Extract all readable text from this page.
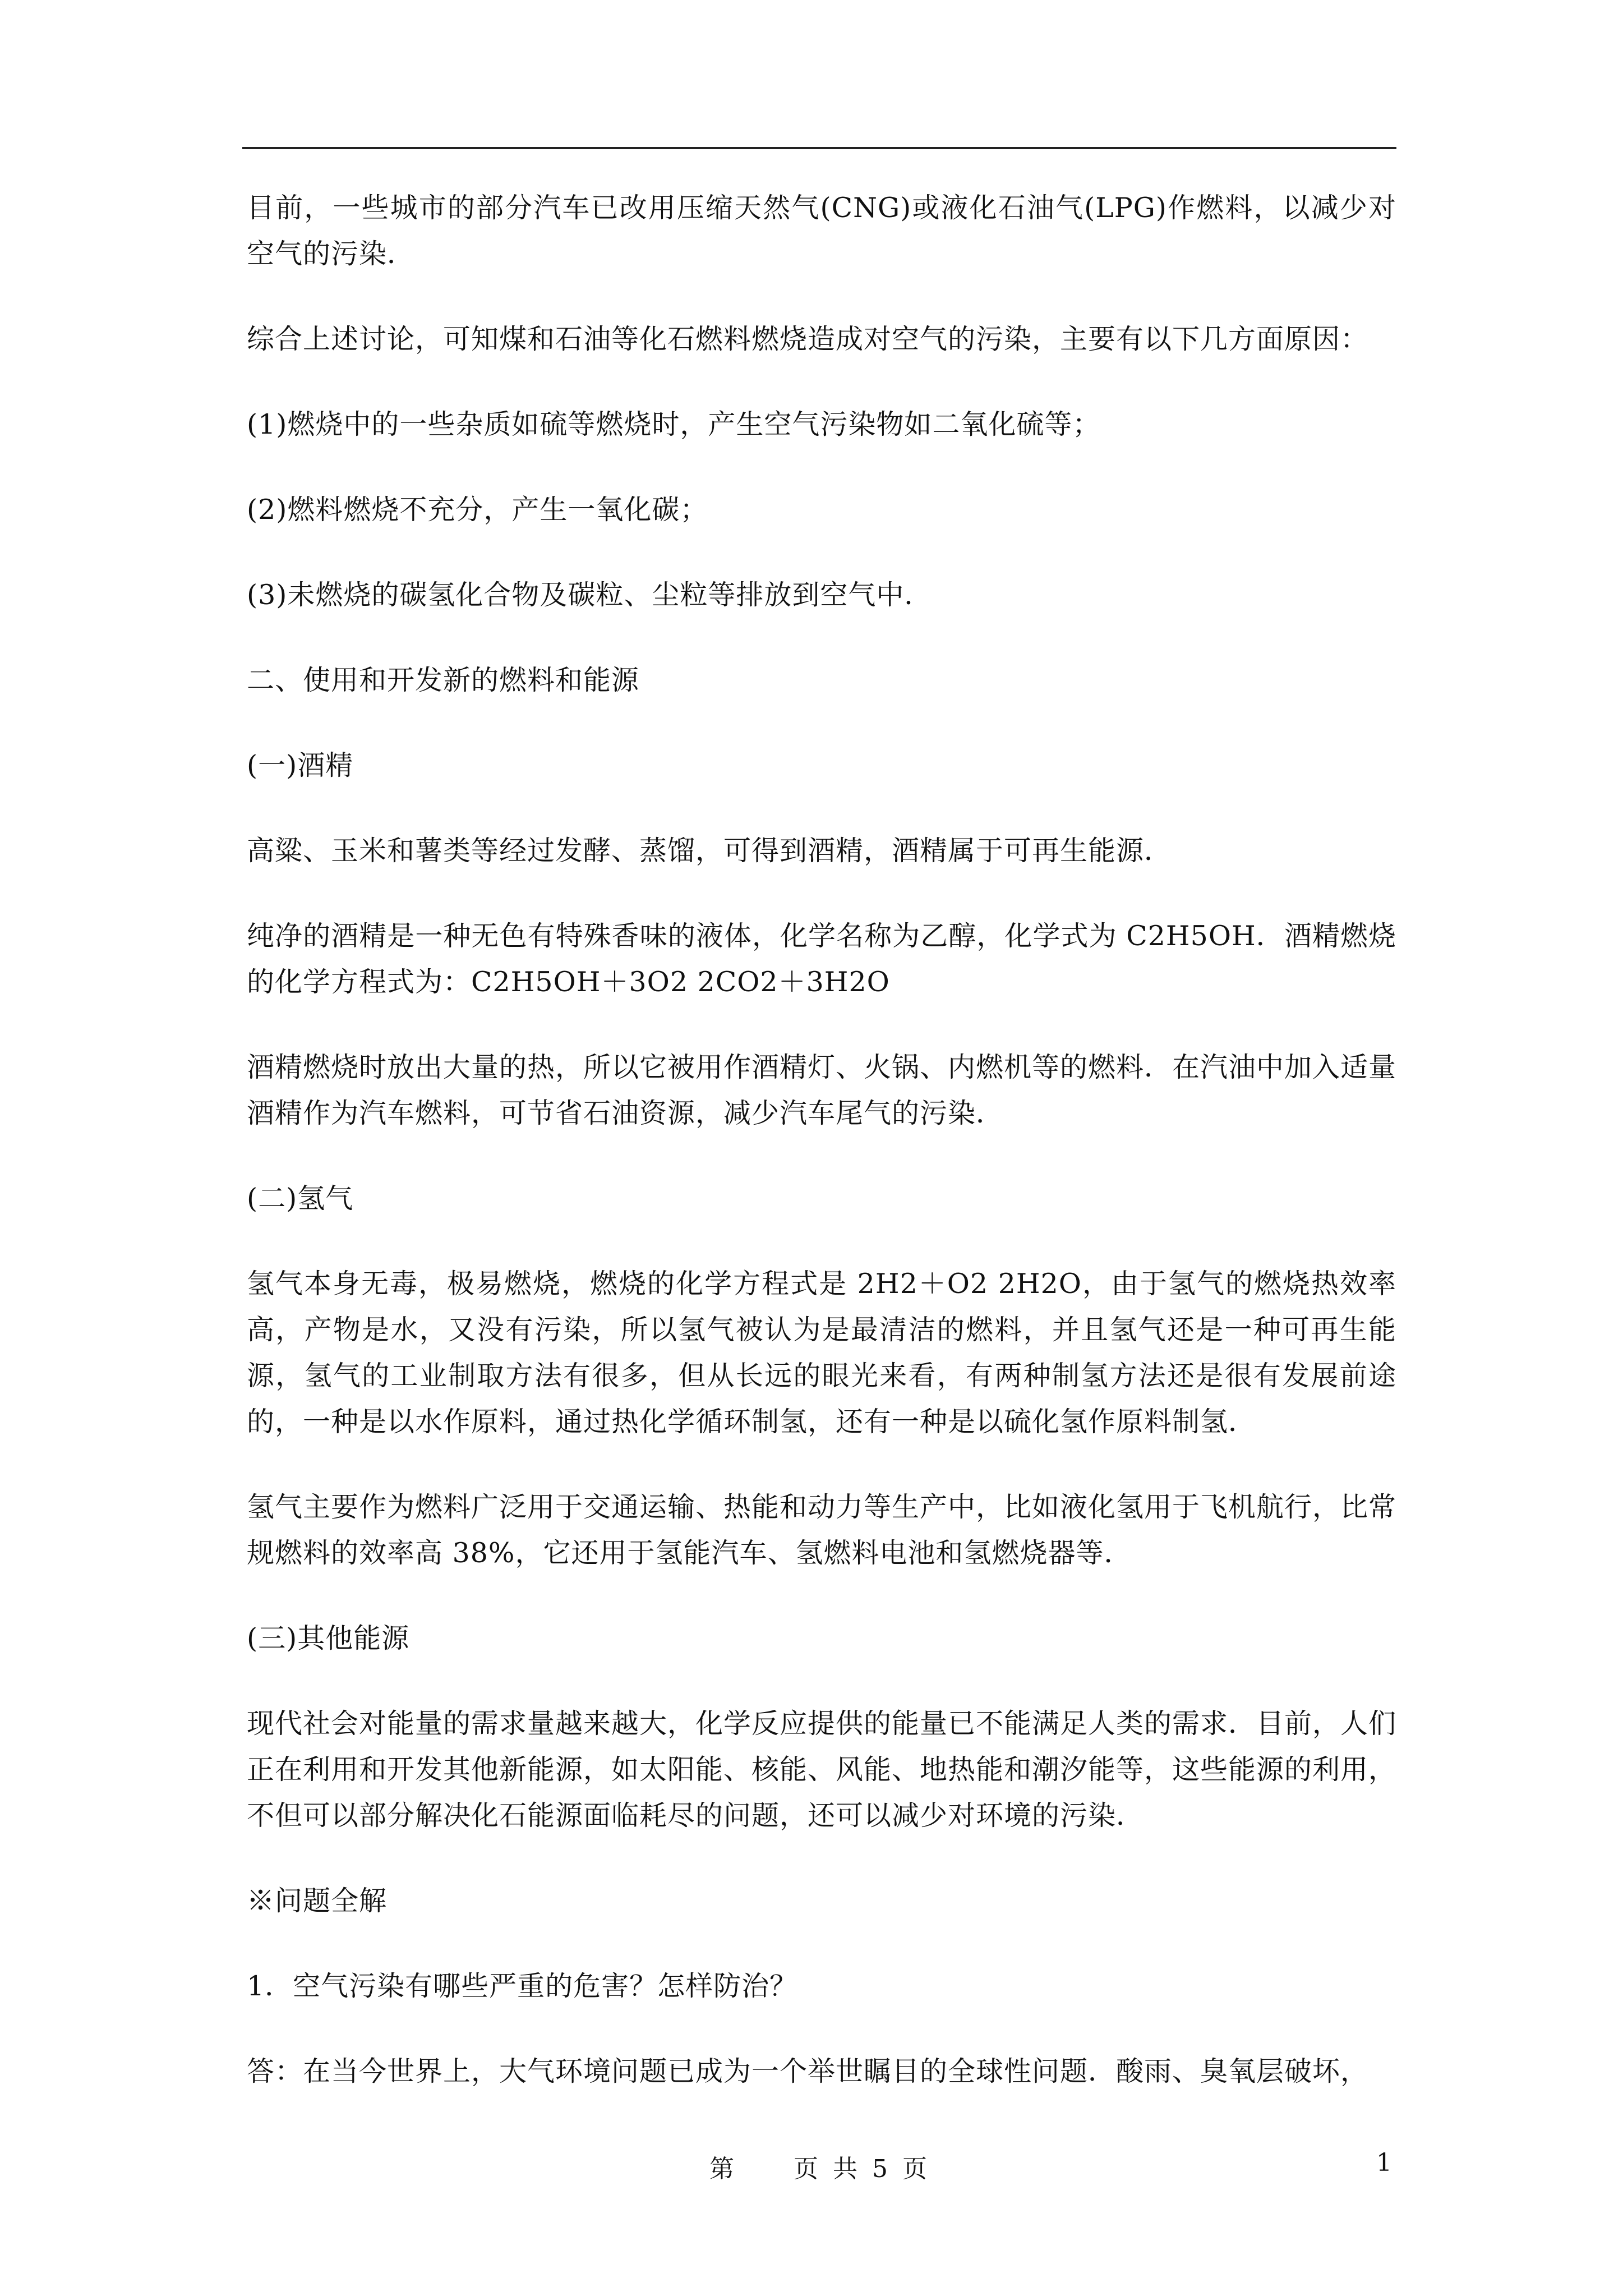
目前，一些城市的部分汽车已改用压缩天然气(CNG)或液化石油气(LPG)作燃料，以减少对空气的污染．

综合上述讨论，可知煤和石油等化石燃料燃烧造成对空气的污染，主要有以下几方面原因：

(1)燃烧中的一些杂质如硫等燃烧时，产生空气污染物如二氧化硫等；

(2)燃料燃烧不充分，产生一氧化碳；

(3)未燃烧的碳氢化合物及碳粒、尘粒等排放到空气中．

二、使用和开发新的燃料和能源

(一)酒精

高粱、玉米和薯类等经过发酵、蒸馏，可得到酒精，酒精属于可再生能源．

纯净的酒精是一种无色有特殊香味的液体，化学名称为乙醇，化学式为 C2H5OH．酒精燃烧的化学方程式为：C2H5OH＋3O2 2CO2＋3H2O

酒精燃烧时放出大量的热，所以它被用作酒精灯、火锅、内燃机等的燃料．在汽油中加入适量酒精作为汽车燃料，可节省石油资源，减少汽车尾气的污染．

(二)氢气

氢气本身无毒，极易燃烧，燃烧的化学方程式是 2H2＋O2 2H2O，由于氢气的燃烧热效率高，产物是水，又没有污染，所以氢气被认为是最清洁的燃料，并且氢气还是一种可再生能源，氢气的工业制取方法有很多，但从长远的眼光来看，有两种制氢方法还是很有发展前途的，一种是以水作原料，通过热化学循环制氢，还有一种是以硫化氢作原料制氢．

氢气主要作为燃料广泛用于交通运输、热能和动力等生产中，比如液化氢用于飞机航行，比常规燃料的效率高 38%，它还用于氢能汽车、氢燃料电池和氢燃烧器等．

(三)其他能源

现代社会对能量的需求量越来越大，化学反应提供的能量已不能满足人类的需求．目前，人们正在利用和开发其他新能源，如太阳能、核能、风能、地热能和潮汐能等，这些能源的利用，不但可以部分解决化石能源面临耗尽的问题，还可以减少对环境的污染．

※问题全解

1．空气污染有哪些严重的危害？怎样防治？

答：在当今世界上，大气环境问题已成为一个举世瞩目的全球性问题．酸雨、臭氧层破坏，

第 页 共 5 页	1
